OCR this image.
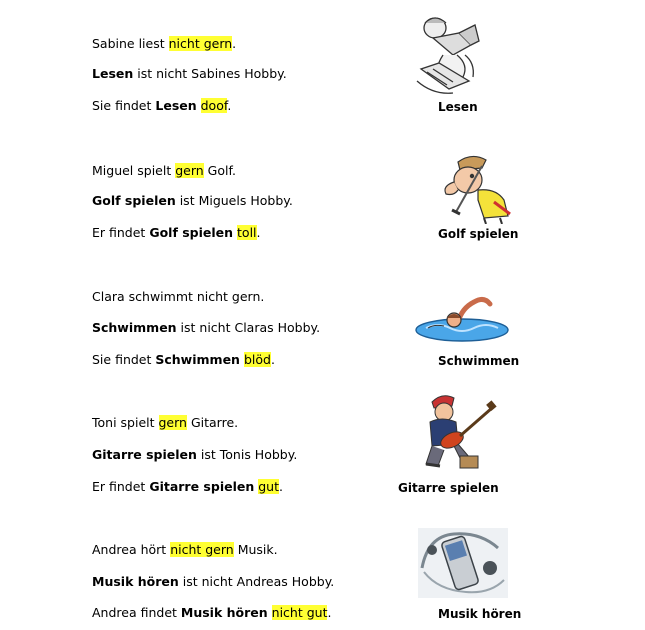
Sabine liest nicht gern.
Lesen ist nicht Sabines Hobby.
Sie findet Lesen doof.	Lesen
Miguel spielt gern Golf.
Golf spielen ist Miguels Hobby.
Er findet Golf spielen toll.	Golf spielen
Clara schwimmt nicht gern.
Schwimmen ist nicht Claras Hobby.
Sie findet Schwimmen blöd.	Schwimmen
Toni spielt gern Gitarre.
Gitarre spielen ist Tonis Hobby.
Er findet Gitarre spielen gut.	Gitarre spielen
Andrea hört nicht gern Musik.
Musik hören ist nicht Andreas Hobby.
Andrea findet Musik hören nicht gut.	Musik hören
